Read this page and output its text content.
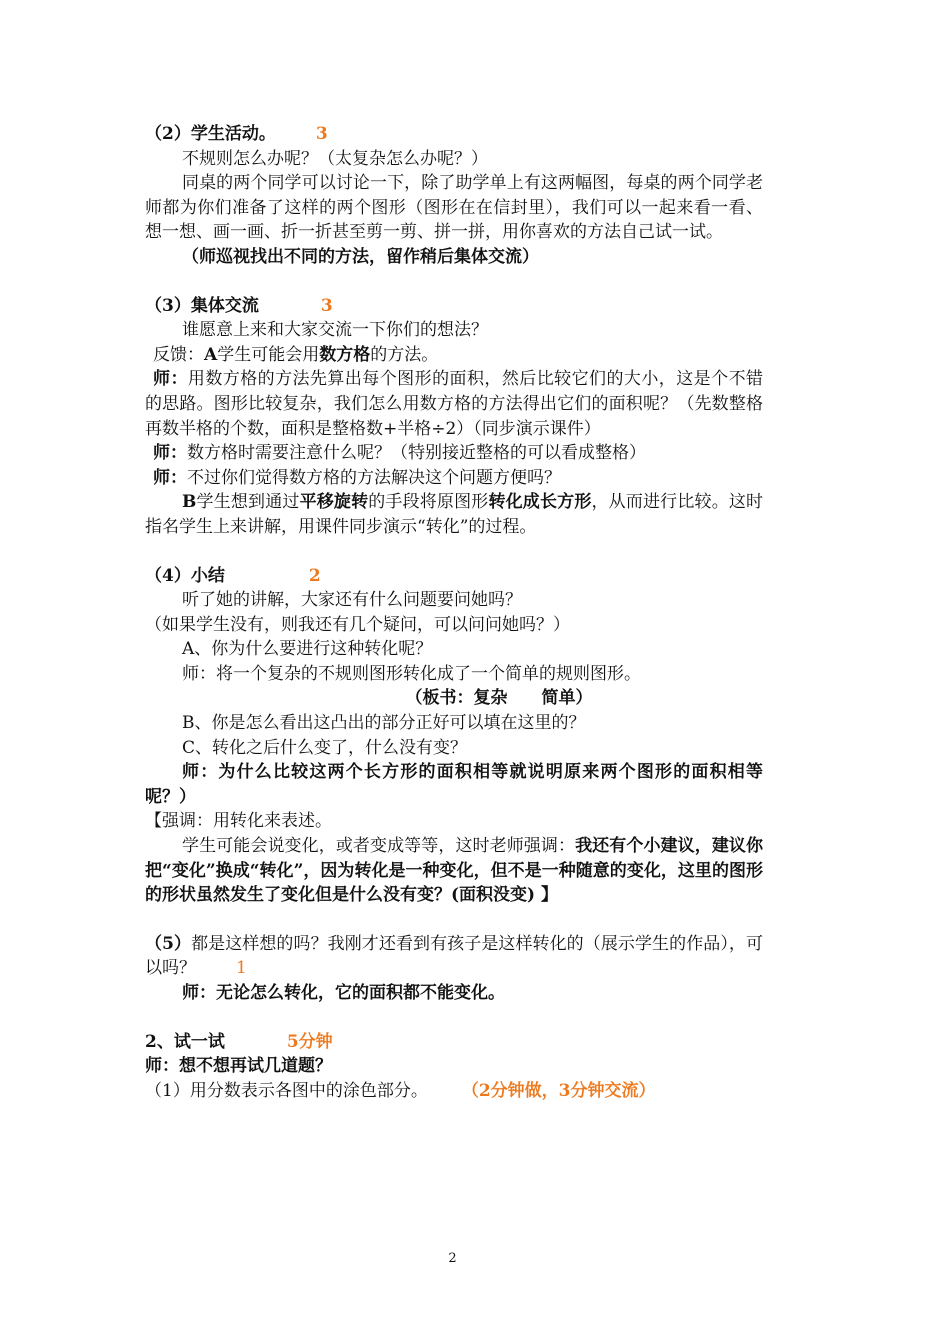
（2）学生活动。 3
不规则怎么办呢？（太复杂怎么办呢？）
同桌的两个同学可以讨论一下，除了助学单上有这两幅图，每桌的两个同学老师都为你们准备了这样的两个图形（图形在在信封里），我们可以一起来看一看、想一想、画一画、折一折甚至剪一剪、拼一拼，用你喜欢的方法自己试一试。
（师巡视找出不同的方法，留作稍后集体交流）
（3）集体交流	3
谁愿意上来和大家交流一下你们的想法？
反馈：A学生可能会用数方格的方法。
师：用数方格的方法先算出每个图形的面积，然后比较它们的大小，这是个不错的思路。图形比较复杂，我们怎么用数方格的方法得出它们的面积呢？（先数整格再数半格的个数，面积是整格数+半格÷2）（同步演示课件）
师：数方格时需要注意什么呢？（特别接近整格的可以看成整格）
师：不过你们觉得数方格的方法解决这个问题方便吗？
B学生想到通过平移旋转的手段将原图形转化成长方形，从而进行比较。这时指名学生上来讲解，用课件同步演示“转化”的过程。
（4）小结	2
听了她的讲解，大家还有什么问题要问她吗？
（如果学生没有，则我还有几个疑问，可以问问她吗？）
A、你为什么要进行这种转化呢？
师：将一个复杂的不规则图形转化成了一个简单的规则图形。
（板书：复杂　　简单）
B、你是怎么看出这凸出的部分正好可以填在这里的？
C、转化之后什么变了，什么没有变？
师：为什么比较这两个长方形的面积相等就说明原来两个图形的面积相等呢？）
【强调：用转化来表述。
学生可能会说变化，或者变成等等，这时老师强调：我还有个小建议，建议你把“变化”换成“转化”，因为转化是一种变化，但不是一种随意的变化，这里的图形的形状虽然发生了变化但是什么没有变？(面积没变) 】
（5）都是这样想的吗？我刚才还看到有孩子是这样转化的（展示学生的作品），可以吗？ 1
师：无论怎么转化，它的面积都不能变化。
2、试一试	5分钟
师：想不想再试几道题？
（1）用分数表示各图中的涂色部分。 （2分钟做，3分钟交流）
2
